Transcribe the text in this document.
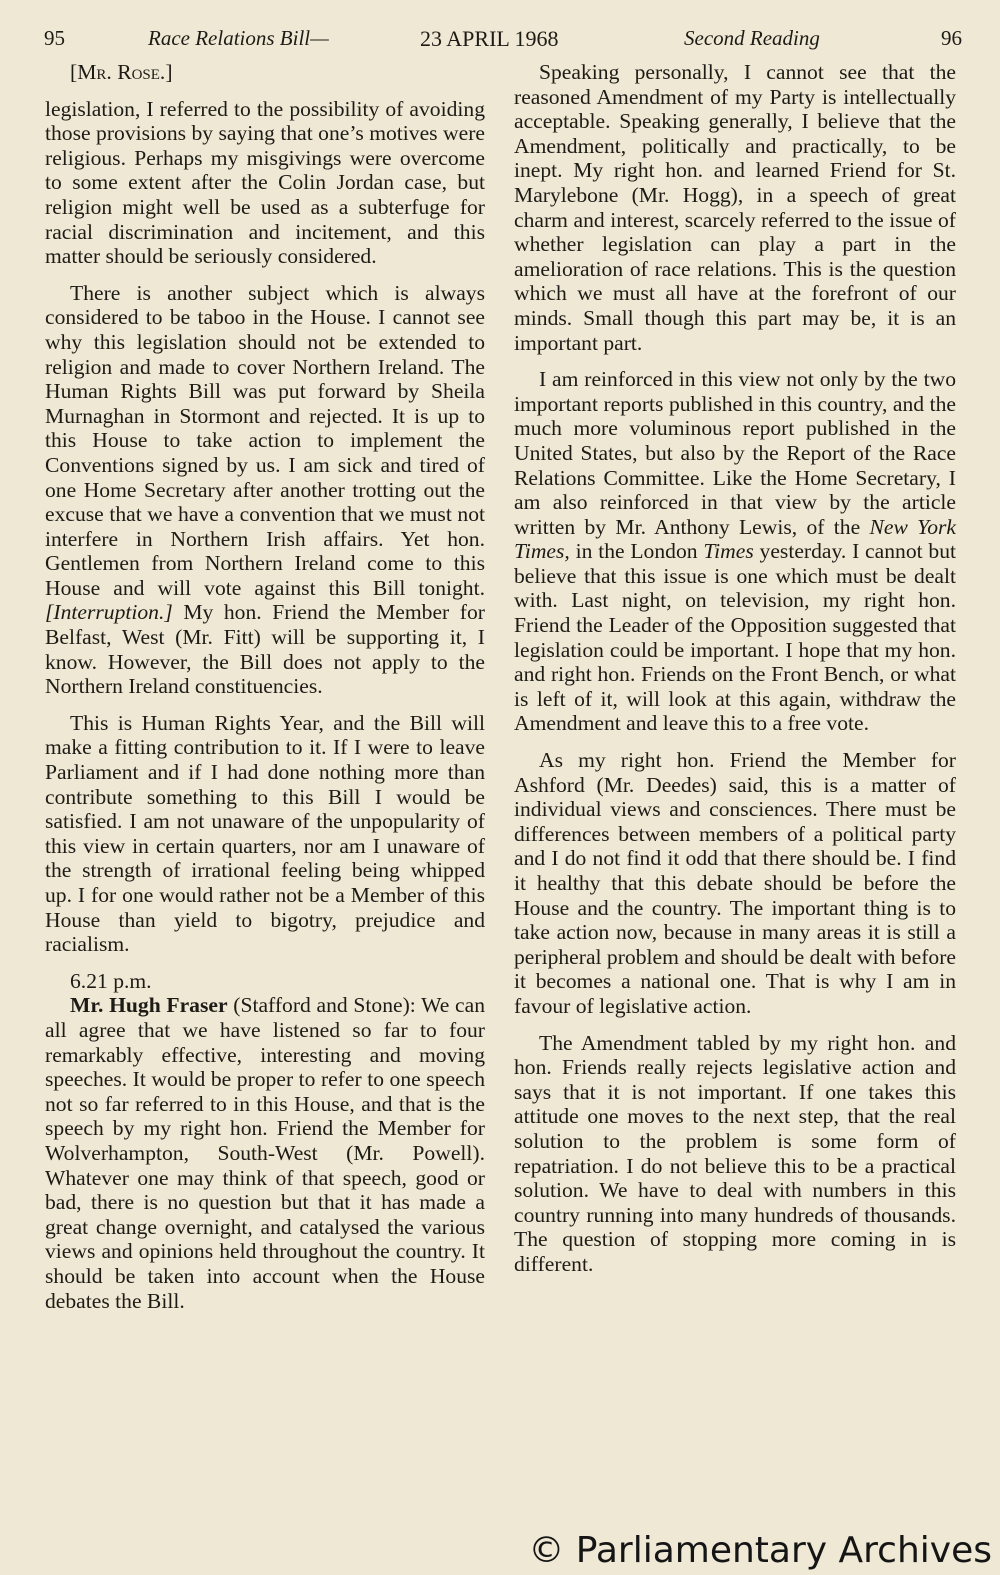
95	Race Relations Bill—	23 APRIL 1968	Second Reading	96

[Mr. Rose.]

legislation, I referred to the possibility of avoiding those provisions by saying that one’s motives were religious. Perhaps my misgivings were overcome to some extent after the Colin Jordan case, but religion might well be used as a subterfuge for racial discrimination and incitement, and this matter should be seriously considered.

There is another subject which is always considered to be taboo in the House. I cannot see why this legislation should not be extended to religion and made to cover Northern Ireland. The Human Rights Bill was put forward by Sheila Murnaghan in Stormont and rejected. It is up to this House to take action to implement the Conventions signed by us. I am sick and tired of one Home Secretary after another trotting out the excuse that we have a convention that we must not interfere in Northern Irish affairs. Yet hon. Gentlemen from Northern Ireland come to this House and will vote against this Bill tonight. [Interruption.] My hon. Friend the Member for Belfast, West (Mr. Fitt) will be supporting it, I know. However, the Bill does not apply to the Northern Ireland constituencies.

This is Human Rights Year, and the Bill will make a fitting contribution to it. If I were to leave Parliament and if I had done nothing more than contribute something to this Bill I would be satisfied. I am not unaware of the unpopularity of this view in certain quarters, nor am I unaware of the strength of irrational feeling being whipped up. I for one would rather not be a Member of this House than yield to bigotry, prejudice and racialism.

6.21 p.m.

Mr. Hugh Fraser (Stafford and Stone): We can all agree that we have listened so far to four remarkably effective, interesting and moving speeches. It would be proper to refer to one speech not so far referred to in this House, and that is the speech by my right hon. Friend the Member for Wolverhampton, South-West (Mr. Powell). Whatever one may think of that speech, good or bad, there is no question but that it has made a great change overnight, and catalysed the various views and opinions held throughout the country. It should be taken into account when the House debates the Bill.

Speaking personally, I cannot see that the reasoned Amendment of my Party is intellectually acceptable. Speaking generally, I believe that the Amendment, politically and practically, to be inept. My right hon. and learned Friend for St. Marylebone (Mr. Hogg), in a speech of great charm and interest, scarcely referred to the issue of whether legislation can play a part in the amelioration of race relations. This is the question which we must all have at the forefront of our minds. Small though this part may be, it is an important part.

I am reinforced in this view not only by the two important reports published in this country, and the much more voluminous report published in the United States, but also by the Report of the Race Relations Committee. Like the Home Secretary, I am also reinforced in that view by the article written by Mr. Anthony Lewis, of the New York Times, in the London Times yesterday. I cannot but believe that this issue is one which must be dealt with. Last night, on television, my right hon. Friend the Leader of the Opposition suggested that legislation could be important. I hope that my hon. and right hon. Friends on the Front Bench, or what is left of it, will look at this again, withdraw the Amendment and leave this to a free vote.

As my right hon. Friend the Member for Ashford (Mr. Deedes) said, this is a matter of individual views and consciences. There must be differences between members of a political party and I do not find it odd that there should be. I find it healthy that this debate should be before the House and the country. The important thing is to take action now, because in many areas it is still a peripheral problem and should be dealt with before it becomes a national one. That is why I am in favour of legislative action.

The Amendment tabled by my right hon. and hon. Friends really rejects legislative action and says that it is not important. If one takes this attitude one moves to the next step, that the real solution to the problem is some form of repatriation. I do not believe this to be a practical solution. We have to deal with numbers in this country running into many hundreds of thousands. The question of stopping more coming in is different.

© Parliamentary Archives
